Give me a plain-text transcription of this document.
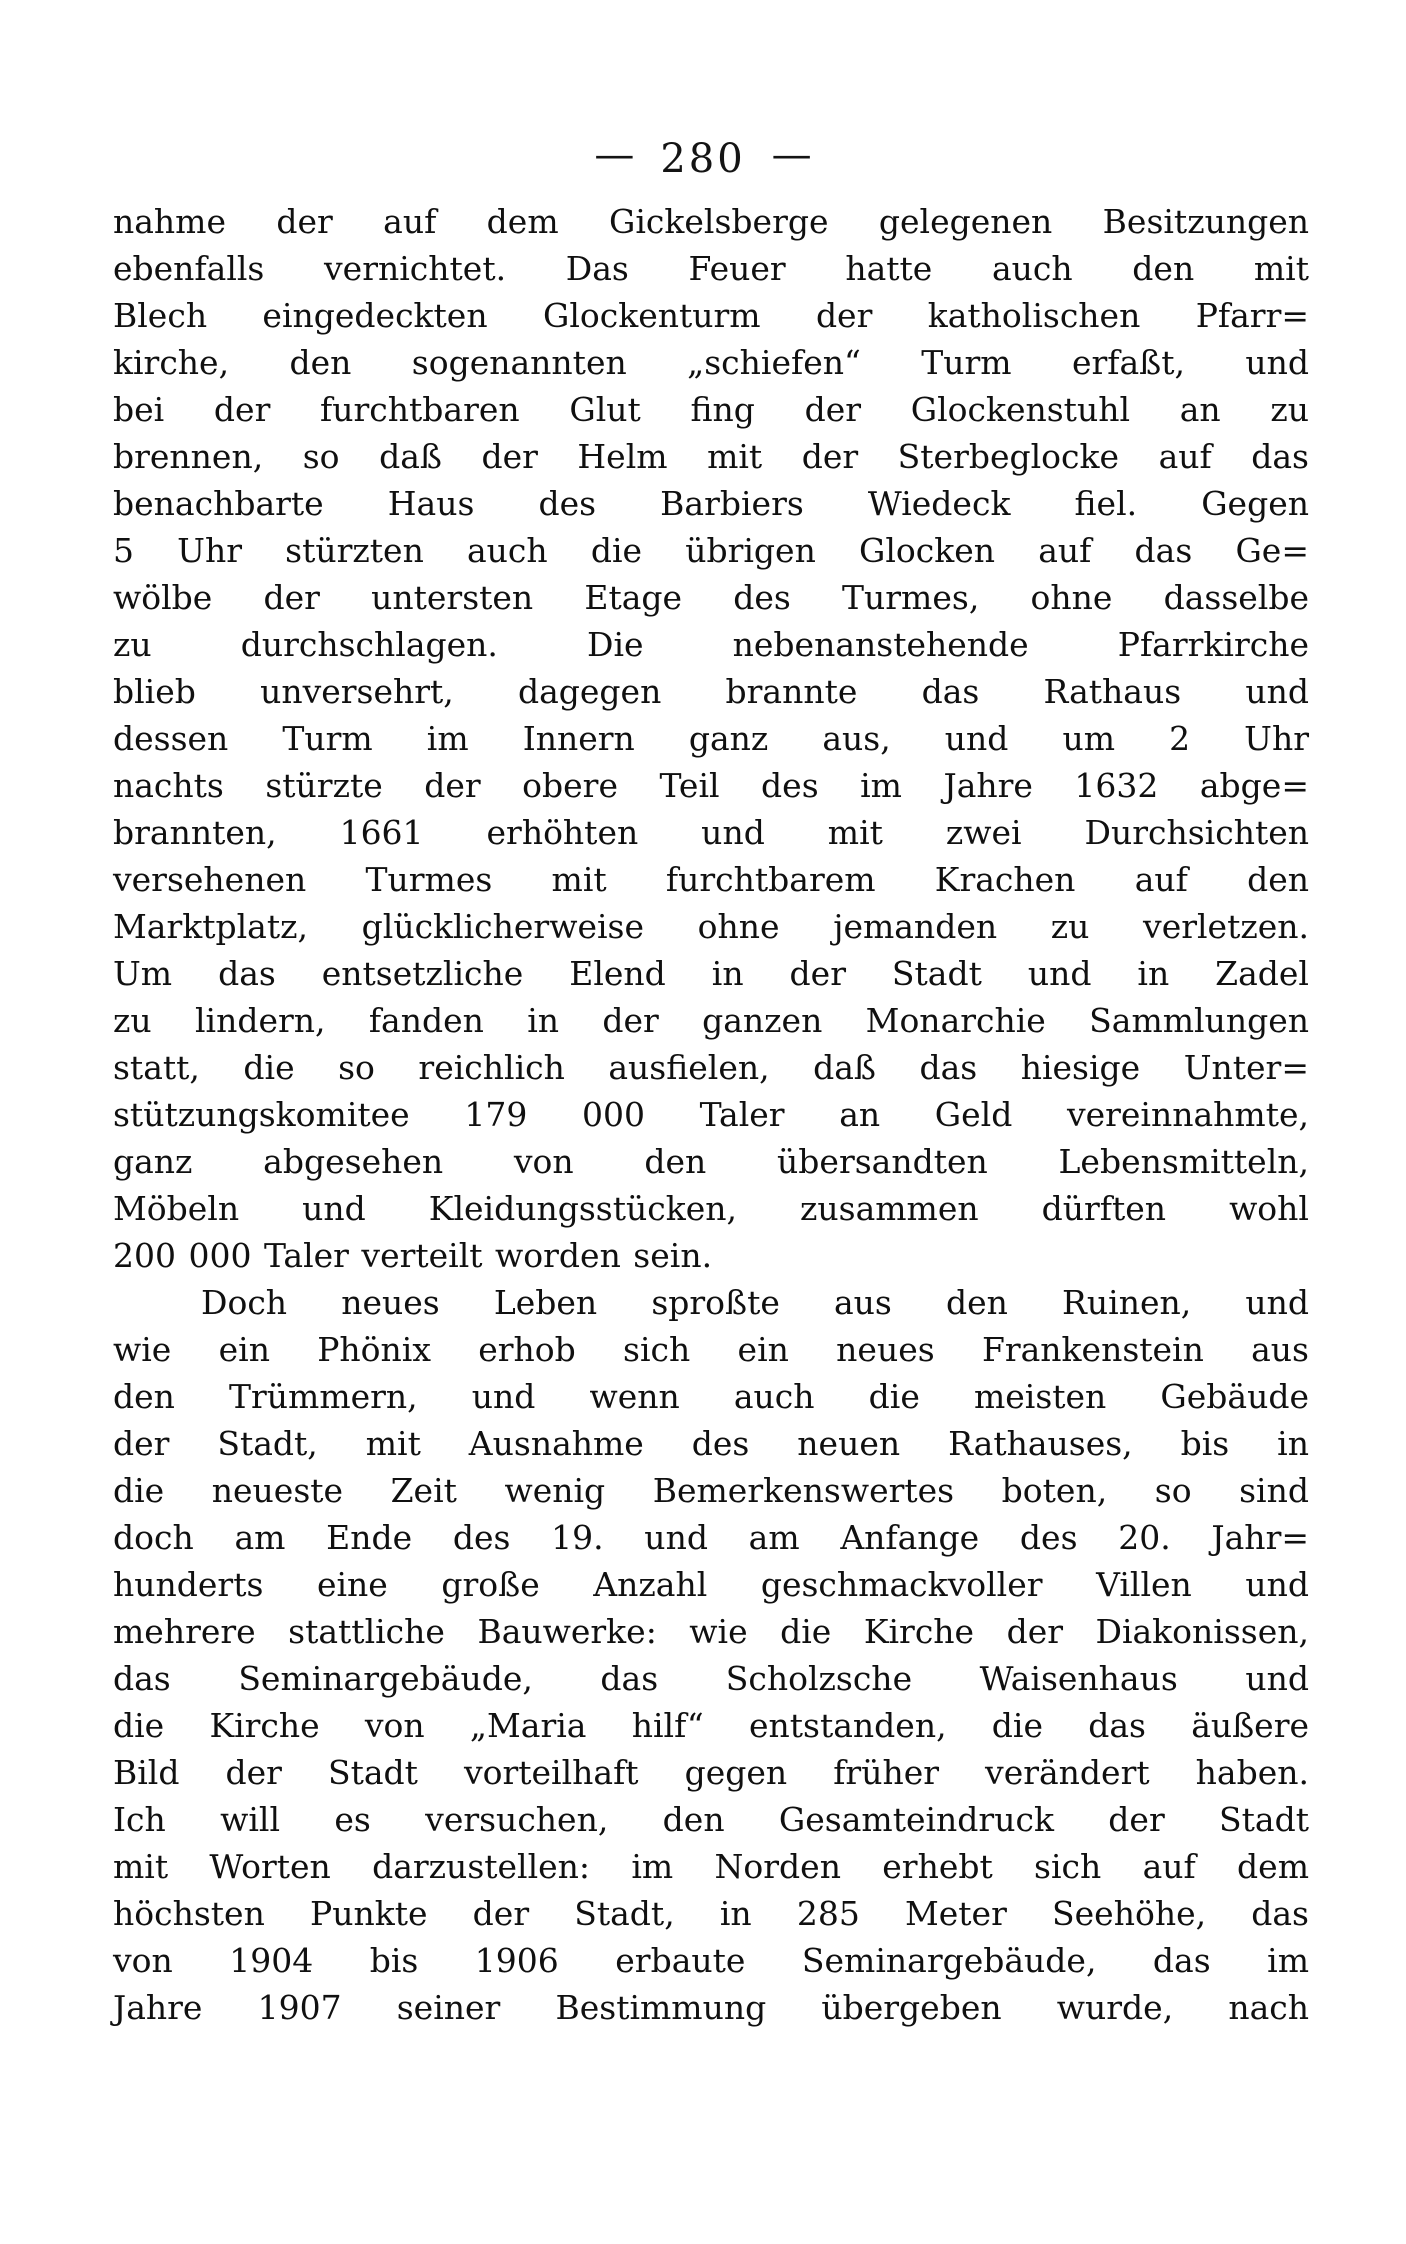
— 280 —
nahme der auf dem Gickelsberge gelegenen Besitzungen
ebenfalls vernichtet. Das Feuer hatte auch den mit
Blech eingedeckten Glockenturm der katholischen Pfarr=
kirche, den sogenannten „schiefen“ Turm erfaßt, und
bei der furchtbaren Glut fing der Glockenstuhl an zu
brennen, so daß der Helm mit der Sterbeglocke auf das
benachbarte Haus des Barbiers Wiedeck fiel. Gegen
5 Uhr stürzten auch die übrigen Glocken auf das Ge=
wölbe der untersten Etage des Turmes, ohne dasselbe
zu durchschlagen. Die nebenanstehende Pfarrkirche
blieb unversehrt, dagegen brannte das Rathaus und
dessen Turm im Innern ganz aus, und um 2 Uhr
nachts stürzte der obere Teil des im Jahre 1632 abge=
brannten, 1661 erhöhten und mit zwei Durchsichten
versehenen Turmes mit furchtbarem Krachen auf den
Marktplatz, glücklicherweise ohne jemanden zu verletzen.
Um das entsetzliche Elend in der Stadt und in Zadel
zu lindern, fanden in der ganzen Monarchie Sammlungen
statt, die so reichlich ausfielen, daß das hiesige Unter=
stützungskomitee 179 000 Taler an Geld vereinnahmte,
ganz abgesehen von den übersandten Lebensmitteln,
Möbeln und Kleidungsstücken, zusammen dürften wohl
200 000 Taler verteilt worden sein.
Doch neues Leben sproßte aus den Ruinen, und
wie ein Phönix erhob sich ein neues Frankenstein aus
den Trümmern, und wenn auch die meisten Gebäude
der Stadt, mit Ausnahme des neuen Rathauses, bis in
die neueste Zeit wenig Bemerkenswertes boten, so sind
doch am Ende des 19. und am Anfange des 20. Jahr=
hunderts eine große Anzahl geschmackvoller Villen und
mehrere stattliche Bauwerke: wie die Kirche der Diakonissen,
das Seminargebäude, das Scholzsche Waisenhaus und
die Kirche von „Maria hilf“ entstanden, die das äußere
Bild der Stadt vorteilhaft gegen früher verändert haben.
Ich will es versuchen, den Gesamteindruck der Stadt
mit Worten darzustellen: im Norden erhebt sich auf dem
höchsten Punkte der Stadt, in 285 Meter Seehöhe, das
von 1904 bis 1906 erbaute Seminargebäude, das im
Jahre 1907 seiner Bestimmung übergeben wurde, nach
